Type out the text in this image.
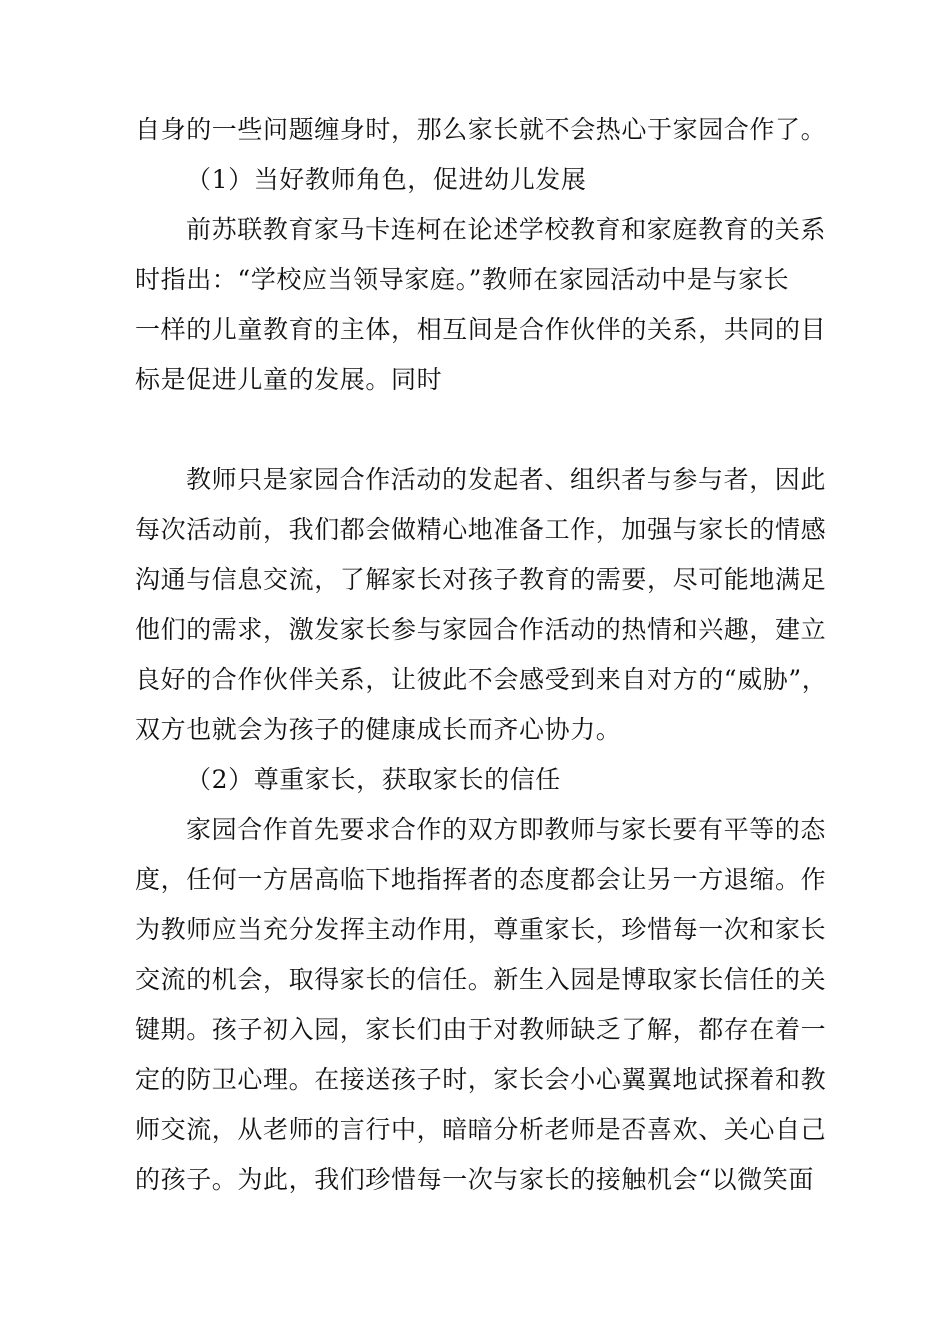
自身的一些问题缠身时，那么家长就不会热心于家园合作了。
（1）当好教师角色，促进幼儿发展
前苏联教育家马卡连柯在论述学校教育和家庭教育的关系
时指出：“学校应当领导家庭。”教师在家园活动中是与家长
一样的儿童教育的主体，相互间是合作伙伴的关系，共同的目
标是促进儿童的发展。同时
教师只是家园合作活动的发起者、组织者与参与者，因此
每次活动前，我们都会做精心地准备工作，加强与家长的情感
沟通与信息交流，了解家长对孩子教育的需要，尽可能地满足
他们的需求，激发家长参与家园合作活动的热情和兴趣，建立
良好的合作伙伴关系，让彼此不会感受到来自对方的“威胁”，
双方也就会为孩子的健康成长而齐心协力。
（2）尊重家长，获取家长的信任
家园合作首先要求合作的双方即教师与家长要有平等的态
度，任何一方居高临下地指挥者的态度都会让另一方退缩。作
为教师应当充分发挥主动作用，尊重家长，珍惜每一次和家长
交流的机会，取得家长的信任。新生入园是博取家长信任的关
键期。孩子初入园，家长们由于对教师缺乏了解，都存在着一
定的防卫心理。在接送孩子时，家长会小心翼翼地试探着和教
师交流，从老师的言行中，暗暗分析老师是否喜欢、关心自己
的孩子。为此，我们珍惜每一次与家长的接触机会“以微笑面
